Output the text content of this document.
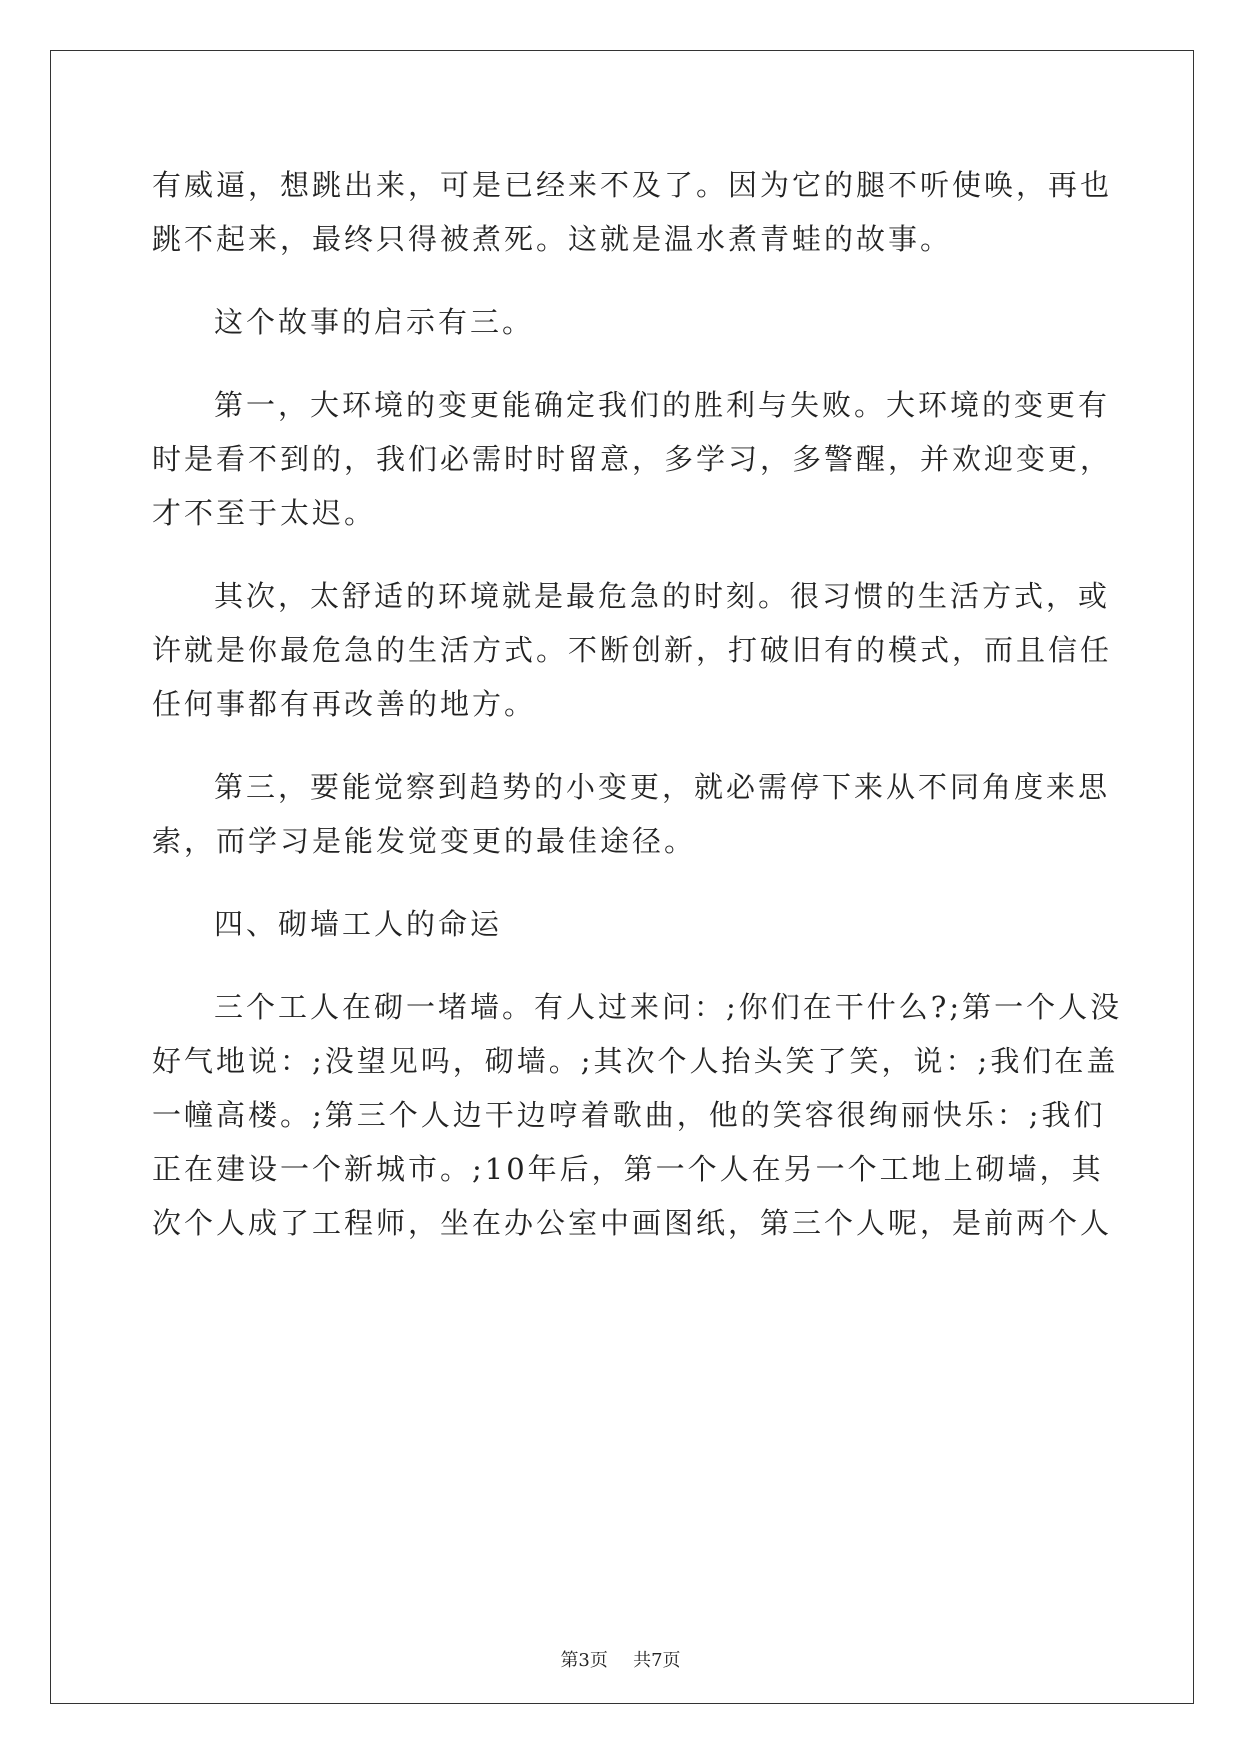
有威逼，想跳出来，可是已经来不及了。因为它的腿不听使唤，再也

跳不起来，最终只得被煮死。这就是温水煮青蛙的故事。

这个故事的启示有三。

第一，大环境的变更能确定我们的胜利与失败。大环境的变更有

时是看不到的，我们必需时时留意，多学习，多警醒，并欢迎变更，

才不至于太迟。

其次，太舒适的环境就是最危急的时刻。很习惯的生活方式，或

许就是你最危急的生活方式。不断创新，打破旧有的模式，而且信任

任何事都有再改善的地方。

第三，要能觉察到趋势的小变更，就必需停下来从不同角度来思

索，而学习是能发觉变更的最佳途径。

四、砌墙工人的命运

三个工人在砌一堵墙。有人过来问：;你们在干什么?;第一个人没

好气地说：;没望见吗，砌墙。;其次个人抬头笑了笑，说：;我们在盖

一幢高楼。;第三个人边干边哼着歌曲，他的笑容很绚丽快乐：;我们

正在建设一个新城市。;10年后，第一个人在另一个工地上砌墙，其

次个人成了工程师，坐在办公室中画图纸，第三个人呢，是前两个人

第3页 共7页
